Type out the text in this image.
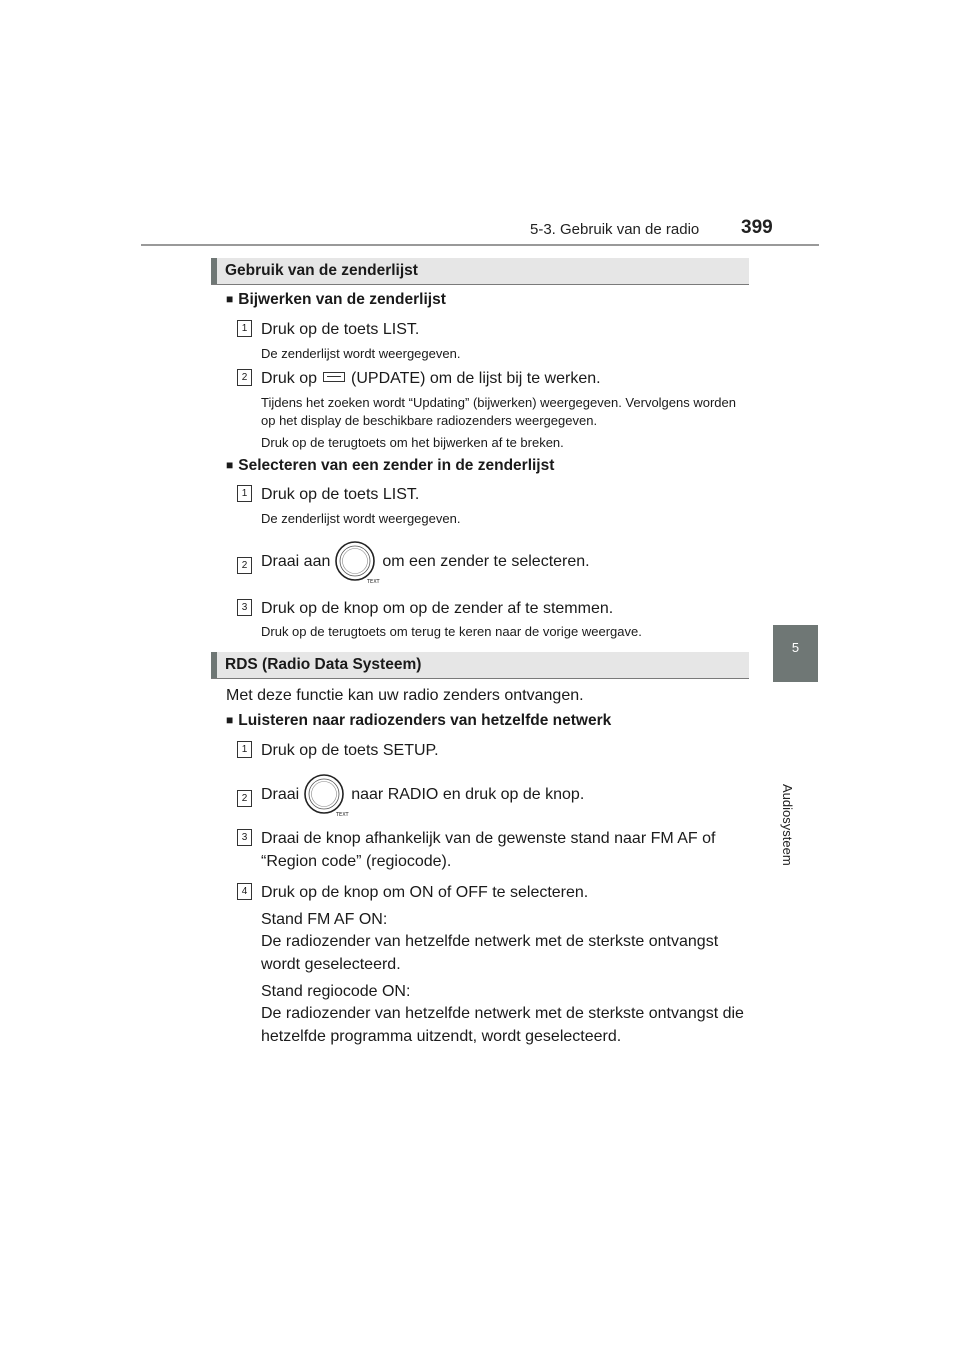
5-3. Gebruik van de radio 399
5
Audiosysteem
Gebruik van de zenderlijst
■ Bijwerken van de zenderlijst
1 Druk op de toets LIST.
De zenderlijst wordt weergegeven.
2 Druk op (UPDATE) om de lijst bij te werken.
Tijdens het zoeken wordt “Updating” (bijwerken) weergegeven. Vervolgens worden op het display de beschikbare radiozenders weergegeven.
Druk op de terugtoets om het bijwerken af te breken.
■ Selecteren van een zender in de zenderlijst
1 Druk op de toets LIST.
De zenderlijst wordt weergegeven.
2 Draai aan
TEXT
om een zender te selecteren.
3 Druk op de knop om op de zender af te stemmen.
Druk op de terugtoets om terug te keren naar de vorige weergave.
RDS (Radio Data Systeem)
Met deze functie kan uw radio zenders ontvangen.
■ Luisteren naar radiozenders van hetzelfde netwerk
1 Druk op de toets SETUP.
2 Draai
TEXT
naar RADIO en druk op de knop.
3 Draai de knop afhankelijk van de gewenste stand naar FM AF of “Region code” (regiocode).
4 Druk op de knop om ON of OFF te selecteren.
Stand FM AF ON:
De radiozender van hetzelfde netwerk met de sterkste ontvangst wordt geselecteerd.
Stand regiocode ON:
De radiozender van hetzelfde netwerk met de sterkste ontvangst die hetzelfde programma uitzendt, wordt geselecteerd.
